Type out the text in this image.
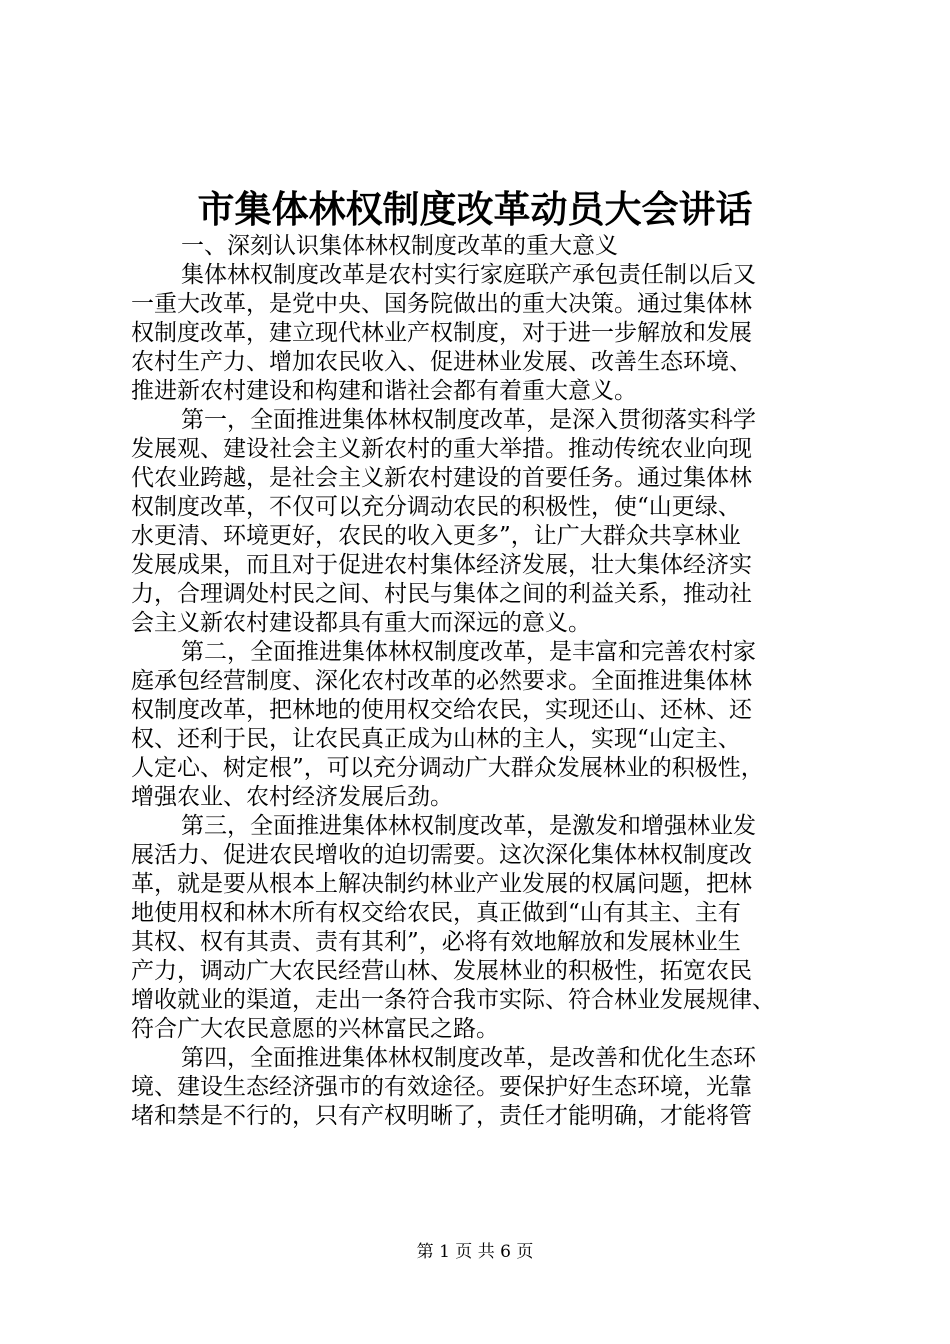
市集体林权制度改革动员大会讲话
一、深刻认识集体林权制度改革的重大意义
集体林权制度改革是农村实行家庭联产承包责任制以后又
一重大改革，是党中央、国务院做出的重大决策。通过集体林
权制度改革，建立现代林业产权制度，对于进一步解放和发展
农村生产力、增加农民收入、促进林业发展、改善生态环境、
推进新农村建设和构建和谐社会都有着重大意义。
第一，全面推进集体林权制度改革，是深入贯彻落实科学
发展观、建设社会主义新农村的重大举措。推动传统农业向现
代农业跨越，是社会主义新农村建设的首要任务。通过集体林
权制度改革，不仅可以充分调动农民的积极性，使“山更绿、
水更清、环境更好，农民的收入更多”，让广大群众共享林业
发展成果，而且对于促进农村集体经济发展，壮大集体经济实
力，合理调处村民之间、村民与集体之间的利益关系，推动社
会主义新农村建设都具有重大而深远的意义。
第二，全面推进集体林权制度改革，是丰富和完善农村家
庭承包经营制度、深化农村改革的必然要求。全面推进集体林
权制度改革，把林地的使用权交给农民，实现还山、还林、还
权、还利于民，让农民真正成为山林的主人，实现“山定主、
人定心、树定根”，可以充分调动广大群众发展林业的积极性，
增强农业、农村经济发展后劲。
第三，全面推进集体林权制度改革，是激发和增强林业发
展活力、促进农民增收的迫切需要。这次深化集体林权制度改
革，就是要从根本上解决制约林业产业发展的权属问题，把林
地使用权和林木所有权交给农民，真正做到“山有其主、主有
其权、权有其责、责有其利”，必将有效地解放和发展林业生
产力，调动广大农民经营山林、发展林业的积极性，拓宽农民
增收就业的渠道，走出一条符合我市实际、符合林业发展规律、
符合广大农民意愿的兴林富民之路。
第四，全面推进集体林权制度改革，是改善和优化生态环
境、建设生态经济强市的有效途径。要保护好生态环境，光靠
堵和禁是不行的，只有产权明晰了，责任才能明确，才能将管
第 1 页 共 6 页
